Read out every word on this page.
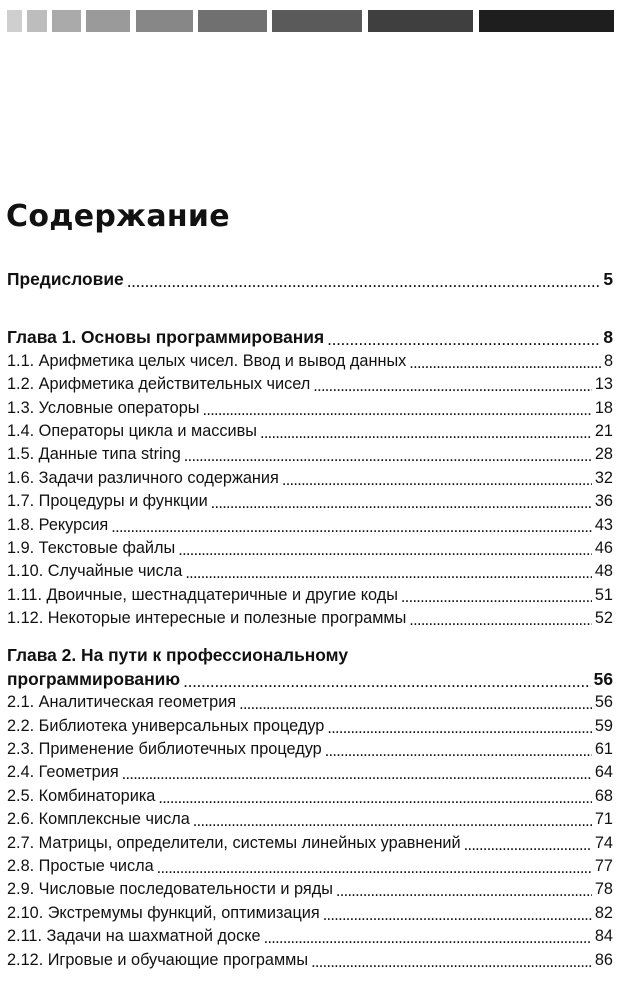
Содержание
Предисловие . . .	5
Глава 1. Основы программирования . . .	8
1.1. Арифметика целых чисел. Ввод и вывод данных . . .	8
1.2. Арифметика действительных чисел . . .	13
1.3. Условные операторы . . .	18
1.4. Операторы цикла и массивы . . .	21
1.5. Данные типа string . . .	28
1.6. Задачи различного содержания . . .	32
1.7. Процедуры и функции . . .	36
1.8. Рекурсия . . .	43
1.9. Текстовые файлы . . .	46
1.10. Случайные числа . . .	48
1.11. Двоичные, шестнадцатеричные и другие коды . . .	51
1.12. Некоторые интересные и полезные программы . . .	52
Глава 2. На пути к профессиональному
программированию . . .	56
2.1. Аналитическая геометрия . . .	56
2.2. Библиотека универсальных процедур . . .	59
2.3. Применение библиотечных процедур . . .	61
2.4. Геометрия . . .	64
2.5. Комбинаторика . . .	68
2.6. Комплексные числа . . .	71
2.7. Матрицы, определители, системы линейных уравнений . . .	74
2.8. Простые числа . . .	77
2.9. Числовые последовательности и ряды . . .	78
2.10. Экстремумы функций, оптимизация . . .	82
2.11. Задачи на шахматной доске . . .	84
2.12. Игровые и обучающие программы . . .	86
